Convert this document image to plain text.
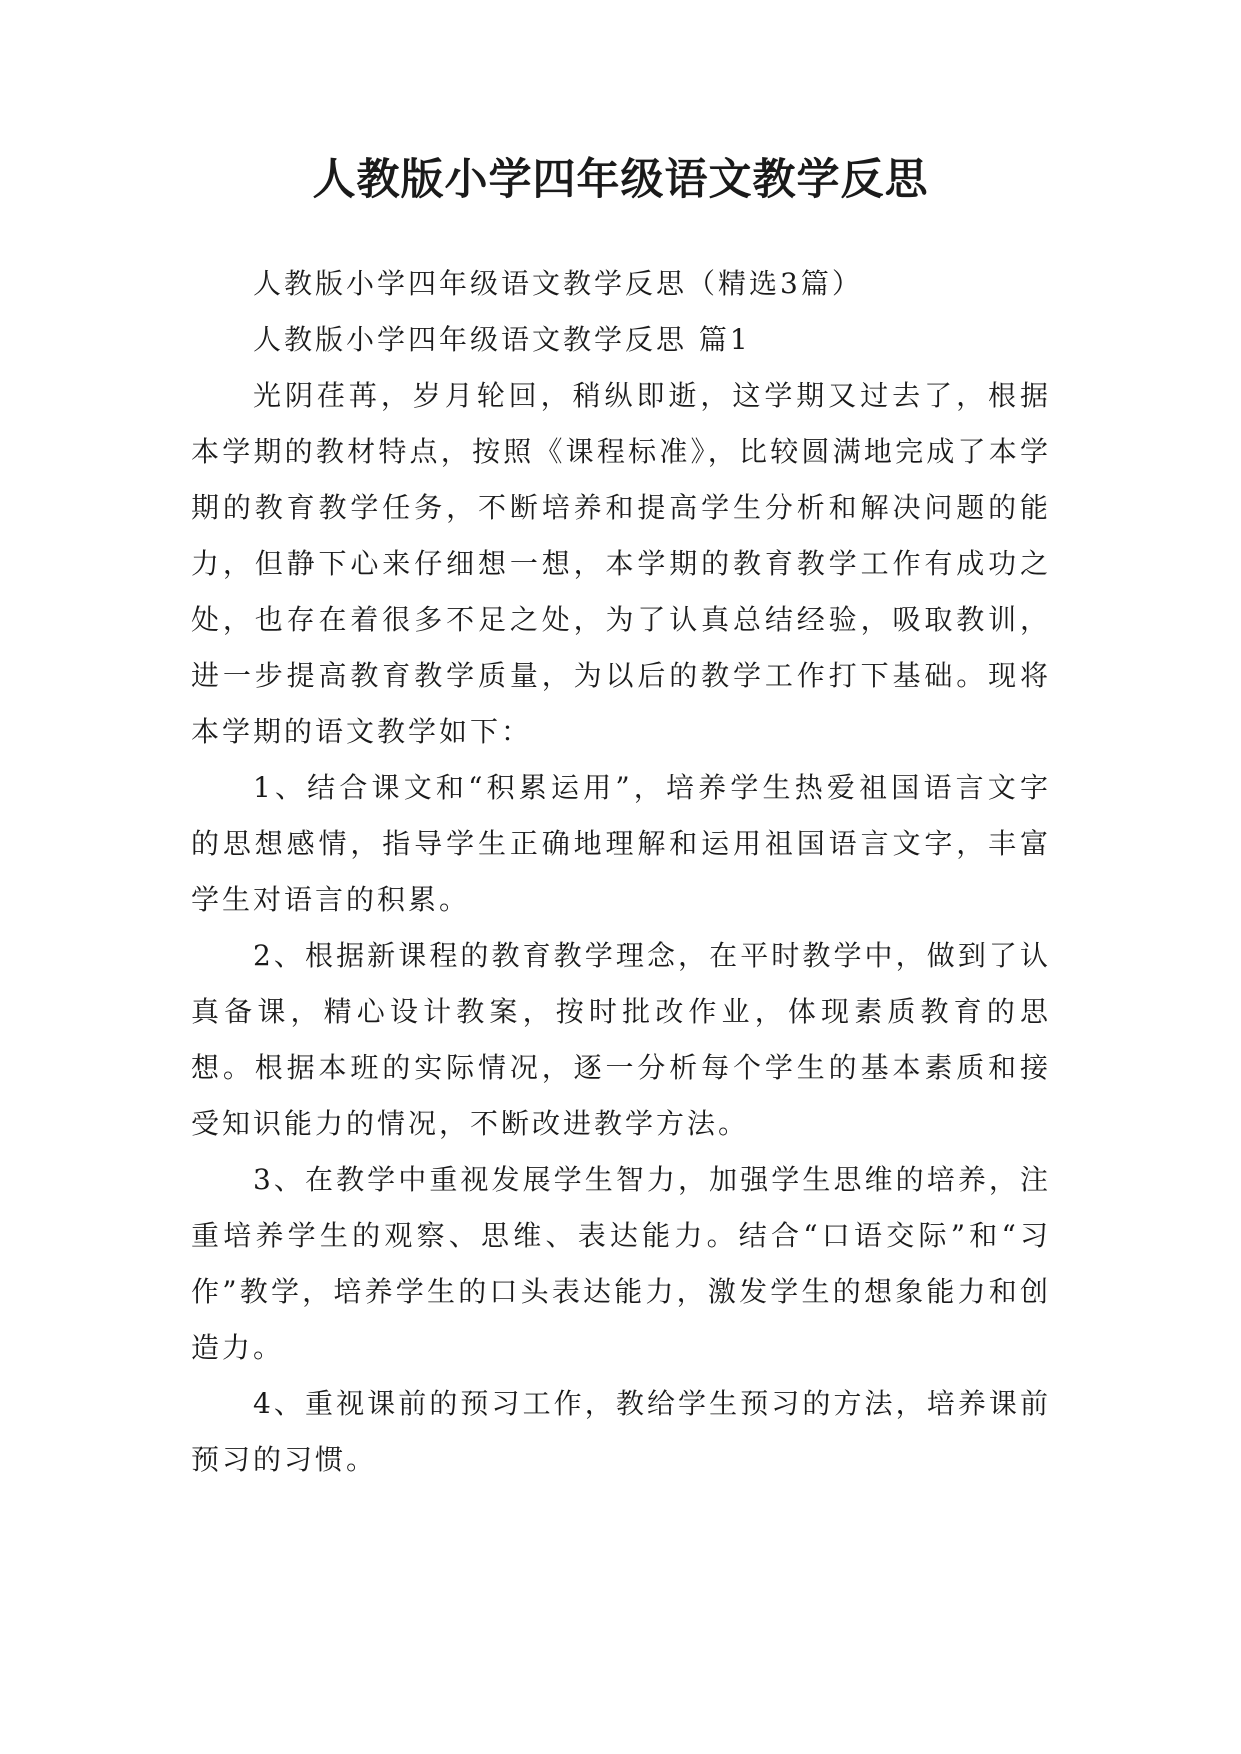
人教版小学四年级语文教学反思

人教版小学四年级语文教学反思（精选3篇）

人教版小学四年级语文教学反思 篇1

光阴荏苒，岁月轮回，稍纵即逝，这学期又过去了，根据本学期的教材特点，按照《课程标准》，比较圆满地完成了本学期的教育教学任务，不断培养和提高学生分析和解决问题的能力，但静下心来仔细想一想，本学期的教育教学工作有成功之处，也存在着很多不足之处，为了认真总结经验，吸取教训，进一步提高教育教学质量，为以后的教学工作打下基础。现将本学期的语文教学如下：

1、结合课文和“积累运用”，培养学生热爱祖国语言文字的思想感情，指导学生正确地理解和运用祖国语言文字，丰富学生对语言的积累。

2、根据新课程的教育教学理念，在平时教学中，做到了认真备课，精心设计教案，按时批改作业，体现素质教育的思想。根据本班的实际情况，逐一分析每个学生的基本素质和接受知识能力的情况，不断改进教学方法。

3、在教学中重视发展学生智力，加强学生思维的培养，注重培养学生的观察、思维、表达能力。结合“口语交际”和“习作”教学，培养学生的口头表达能力，激发学生的想象能力和创造力。

4、重视课前的预习工作，教给学生预习的方法，培养课前预习的习惯。
